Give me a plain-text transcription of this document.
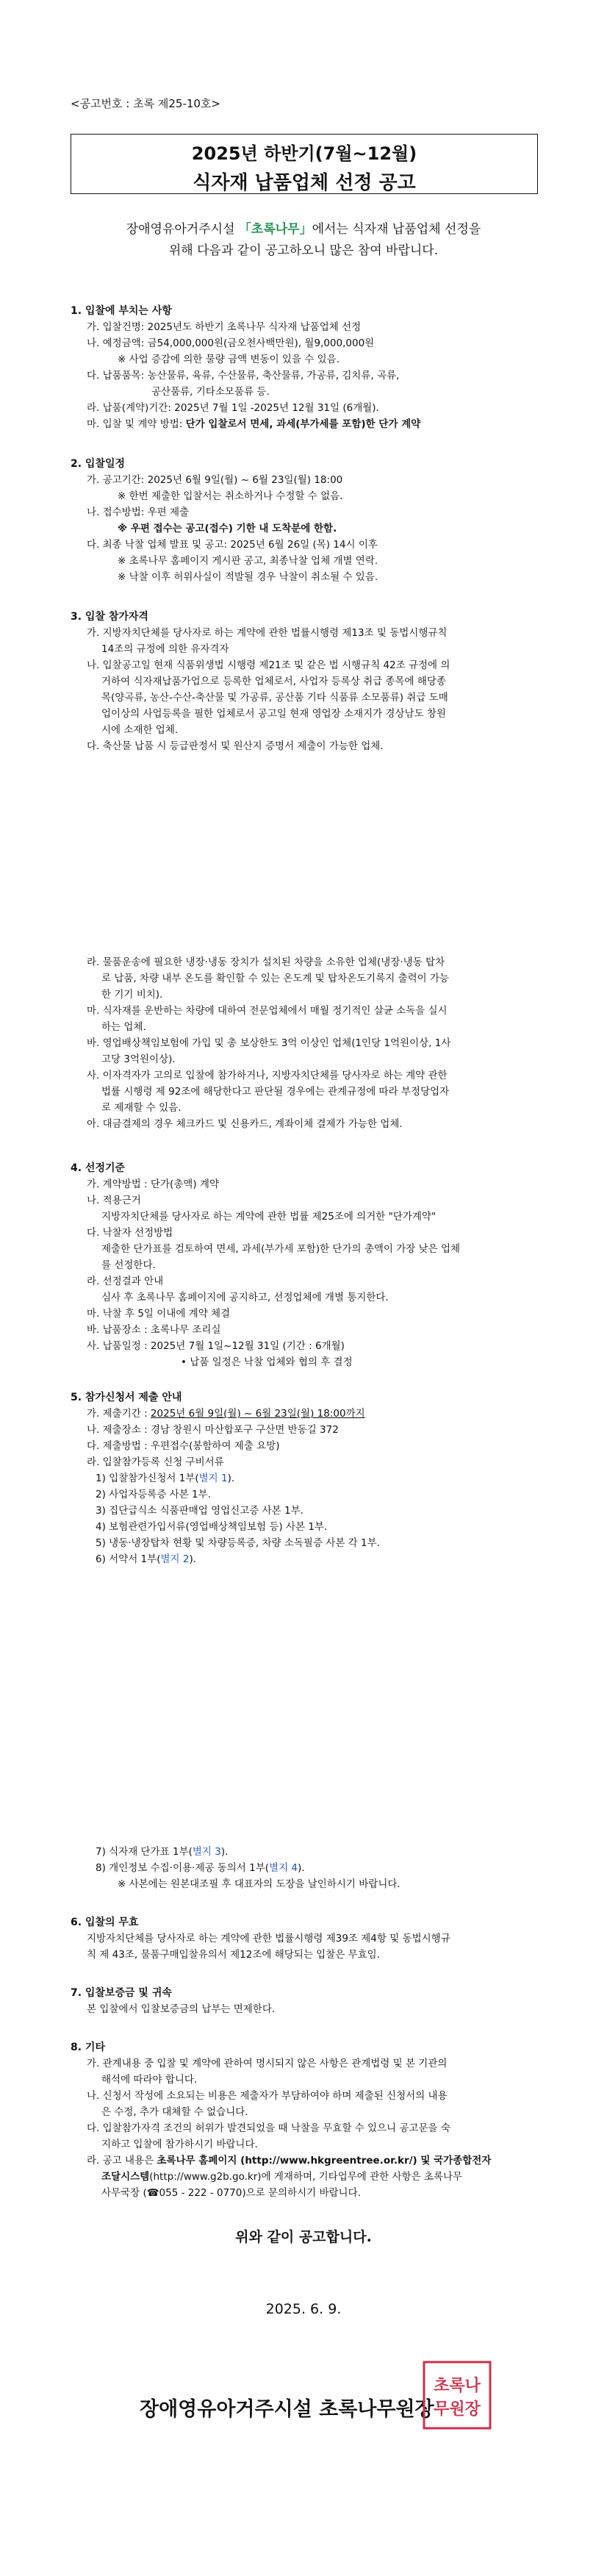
<공고번호 : 초록 제25-10호>
2025년 하반기(7월~12월)
식자재 납품업체 선정 공고
장애영유아거주시설 「초록나무」에서는 식자재 납품업체 선정을
위해 다음과 같이 공고하오니 많은 참여 바랍니다.
1. 입찰에 부치는 사항
가. 입찰건명: 2025년도 하반기 초록나무 식자재 납품업체 선정
나. 예정금액: 금54,000,000원(금오천사백만원), 월9,000,000원
※ 사업 증감에 의한 물량 금액 변동이 있을 수 있음.
다. 납품품목: 농산물류, 육류, 수산물류, 축산물류, 가공류, 김치류, 곡류,
공산품류, 기타소모품류 등.
라. 납품(계약)기간: 2025년 7월 1일 -2025년 12월 31일 (6개월).
마. 입찰 및 계약 방법: 단가 입찰로서 면세, 과세(부가세를 포함)한 단가 계약
2. 입찰일정
가. 공고기간: 2025년 6월 9일(월) ~ 6월 23일(월) 18:00
※ 한번 제출한 입찰서는 취소하거나 수정할 수 없음.
나. 접수방법: 우편 제출
※ 우편 접수는 공고(접수) 기한 내 도착분에 한함.
다. 최종 낙찰 업체 발표 및 공고: 2025년 6월 26일 (목) 14시 이후
※ 초록나무 홈페이지 게시판 공고, 최종낙찰 업체 개별 연락.
※ 낙찰 이후 허위사실이 적발될 경우 낙찰이 취소될 수 있음.
3. 입찰 참가자격
가. 지방자치단체를 당사자로 하는 계약에 관한 법률시행령 제13조 및 동법시행규칙
14조의 규정에 의한 유자격자
나. 입찰공고일 현재 식품위생법 시행령 제21조 및 같은 법 시행규칙 42조 규정에 의
거하여 식자재납품가업으로 등록한 업체로서, 사업자 등록상 취급 종목에 해당종
목(양곡류, 농산-수산-축산물 및 가공류, 공산품 기타 식품류 소모품류) 취급 도매
업이상의 사업등록을 필한 업체로서 공고일 현재 영업장 소재지가 경상남도 창원
시에 소재한 업체.
다. 축산물 납품 시 등급판정서 및 원산지 증명서 제출이 가능한 업체.
라. 물품운송에 필요한 냉장·냉동 장치가 설치된 차량을 소유한 업체(냉장·냉동 탑차
로 납품, 차량 내부 온도를 확인할 수 있는 온도계 및 탑차온도기록지 출력이 가능
한 기기 비치).
마. 식자재를 운반하는 차량에 대하여 전문업체에서 매월 정기적인 살균 소독을 실시
하는 업체.
바. 영업배상책임보험에 가입 및 총 보상한도 3억 이상인 업체(1인당 1억원이상, 1사
고당 3억원이상).
사. 이자격자가 고의로 입찰에 참가하거나, 지방자치단체를 당사자로 하는 계약 관한
법률 시행령 제 92조에 해당한다고 판단될 경우에는 관계규정에 따라 부정당업자
로 제재할 수 있음.
아. 대금결제의 경우 체크카드 및 신용카드, 계좌이체 결제가 가능한 업체.
4. 선정기준
가. 계약방법 : 단가(총액) 계약
나. 적용근거
지방자치단체를 당사자로 하는 계약에 관한 법률 제25조에 의거한 "단가계약"
다. 낙찰자 선정방법
제출한 단가표를 검토하여 면세, 과세(부가세 포함)한 단가의 총액이 가장 낮은 업체
를 선정한다.
라. 선정결과 안내
심사 후 초록나무 홈페이지에 공지하고, 선정업체에 개별 통지한다.
마. 낙찰 후 5일 이내에 계약 체결
바. 납품장소 : 초록나무 조리실
사. 납품일정 : 2025년 7월 1일~12월 31일 (기간 : 6개월)
• 납품 일정은 낙찰 업체와 협의 후 결정
5. 참가신청서 제출 안내
가. 제출기간 : 2025년 6월 9일(월) ~ 6월 23일(월) 18:00까지
나. 제출장소 : 경남 창원시 마산합포구 구산면 반동길 372
다. 제출방법 : 우편접수(봉함하여 제출 요망)
라. 입찰참가등록 신청 구비서류
1) 입찰참가신청서 1부(별지 1).
2) 사업자등록증 사본 1부.
3) 집단급식소 식품판매업 영업신고증 사본 1부.
4) 보험관련가입서류(영업배상책임보험 등) 사본 1부.
5) 냉동·냉장탑차 현황 및 차량등록증, 차량 소독필증 사본 각 1부.
6) 서약서 1부(별지 2).
7) 식자재 단가표 1부(별지 3).
8) 개인정보 수집·이용·제공 동의서 1부(별지 4).
※ 사본에는 원본대조필 후 대표자의 도장을 날인하시기 바랍니다.
6. 입찰의 무효
지방자치단체를 당사자로 하는 계약에 관한 법률시행령 제39조 제4항 및 동법시행규
칙 제 43조, 물품구매입찰유의서 제12조에 해당되는 입찰은 무효임.
7. 입찰보증금 및 귀속
본 입찰에서 입찰보증금의 납부는 면제한다.
8. 기타
가. 관계내용 중 입찰 및 계약에 관하여 명시되지 않은 사항은 관계법령 및 본 기관의
해석에 따라야 합니다.
나. 신청서 작성에 소요되는 비용은 제출자가 부담하여야 하며 제출된 신청서의 내용
은 수정, 추가 대체할 수 없습니다.
다. 입찰참가자격 조건의 허위가 발견되었을 때 낙찰을 무효할 수 있으니 공고문을 숙
지하고 입찰에 참가하시기 바랍니다.
라. 공고 내용은 초록나무 홈페이지 (http://www.hkgreentree.or.kr/) 및 국가종합전자
조달시스템(http://www.g2b.go.kr)에 게재하며, 기타업무에 관한 사항은 초록나무
사무국장 (☎055 - 222 - 0770)으로 문의하시기 바랍니다.
위와 같이 공고합니다.
2025. 6. 9.
장애영유아거주시설 초록나무원장
초록나
무원장
